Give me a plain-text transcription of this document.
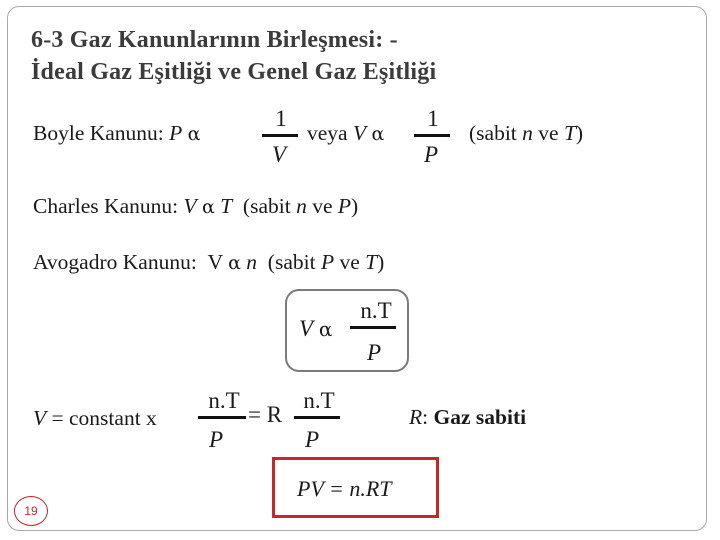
6-3 Gaz Kanunlarının Birleşmesi: -
İdeal Gaz Eşitliği ve Genel Gaz Eşitliği
Boyle Kanunu: P α
1
V
veya V α
1
P
(sabit n ve T)
Charles Kanunu: V α T (sabit n ve P)
Avogadro Kanunu: V α n (sabit P ve T)
V α
n.T
P
V = constant x
n.T
P
= R
n.T
P
R: Gaz sabiti
PV = n.RT
19
